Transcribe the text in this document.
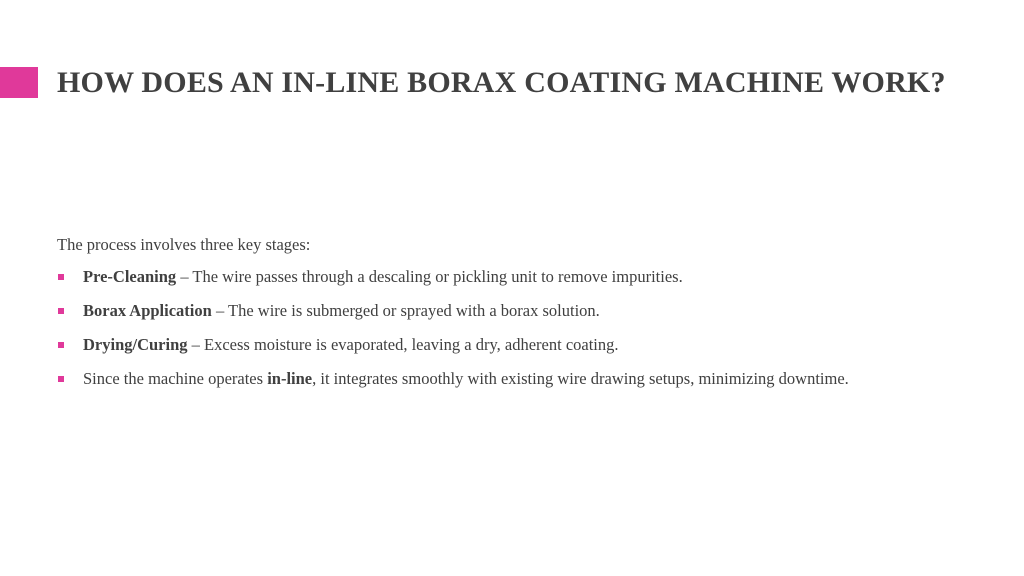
HOW DOES AN IN-LINE BORAX COATING MACHINE WORK?

The process involves three key stages:

Pre-Cleaning – The wire passes through a descaling or pickling unit to remove impurities.
Borax Application – The wire is submerged or sprayed with a borax solution.
Drying/Curing – Excess moisture is evaporated, leaving a dry, adherent coating.
Since the machine operates in-line, it integrates smoothly with existing wire drawing setups, minimizing downtime.
